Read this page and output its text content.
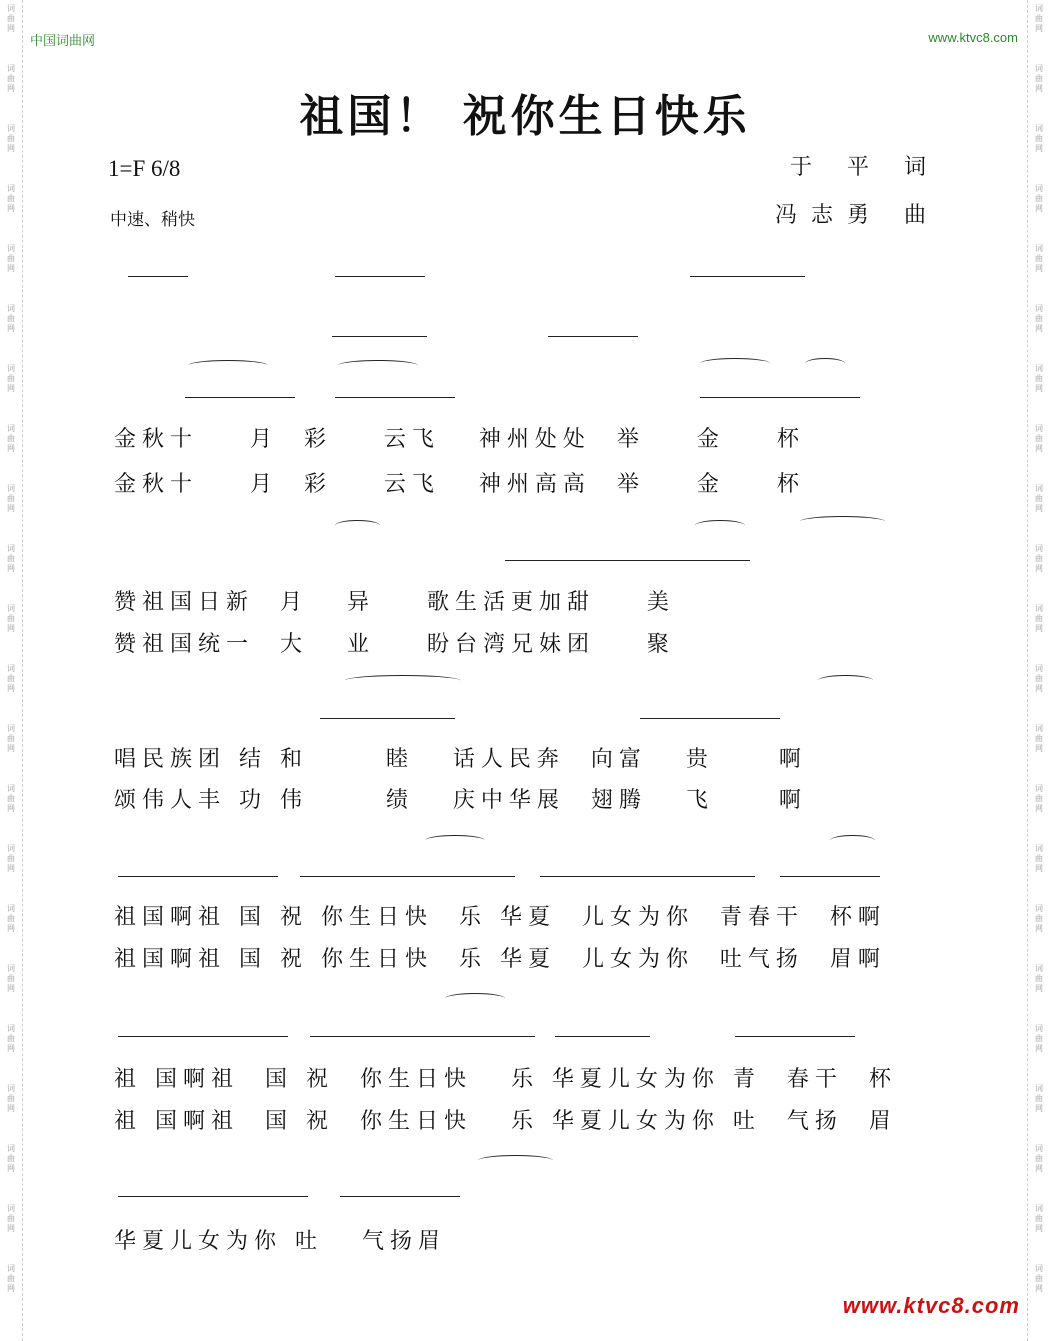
词
曲
网
词
曲
网
词
曲
网
词
曲
网
词
曲
网
词
曲
网
词
曲
网
词
曲
网
词
曲
网
词
曲
网
词
曲
网
词
曲
网
词
曲
网
词
曲
网
词
曲
网
词
曲
网
词
曲
网
词
曲
网
词
曲
网
词
曲
网
词
曲
网
词
曲
网
词
曲
网
词
曲
网
词
曲
网
词
曲
网
词
曲
网
词
曲
网
词
曲
网
词
曲
网
词
曲
网
词
曲
网
词
曲
网
词
曲
网
词
曲
网
词
曲
网
词
曲
网
词
曲
网
词
曲
网
词
曲
网
词
曲
网
词
曲
网
词
曲
网
词
曲
网
中国词曲网	www.ktvc8.com
祖国！ 祝你生日快乐
1=F 6/8
中速、稍快
于 平 词
冯志勇 曲

金秋十    月  彩    云飞   神州处处  举    金    杯
金秋十    月  彩    云飞   神州高高  举    金    杯

赞祖国日新  月   异    歌生活更加甜    美
赞祖国统一  大   业    盼台湾兄妹团    聚

唱民族团 结 和      睦   话人民奔  向富   贵     啊
颂伟人丰 功 伟      绩   庆中华展  翅腾   飞     啊

祖国啊祖 国 祝 你生日快  乐 华夏  儿女为你  青春干  杯啊
祖国啊祖 国 祝 你生日快  乐 华夏  儿女为你  吐气扬  眉啊

祖 国啊祖  国 祝  你生日快   乐 华夏儿女为你 青  春干  杯
祖 国啊祖  国 祝  你生日快   乐 华夏儿女为你 吐  气扬  眉

华夏儿女为你 吐   气扬眉
www.ktvc8.com
